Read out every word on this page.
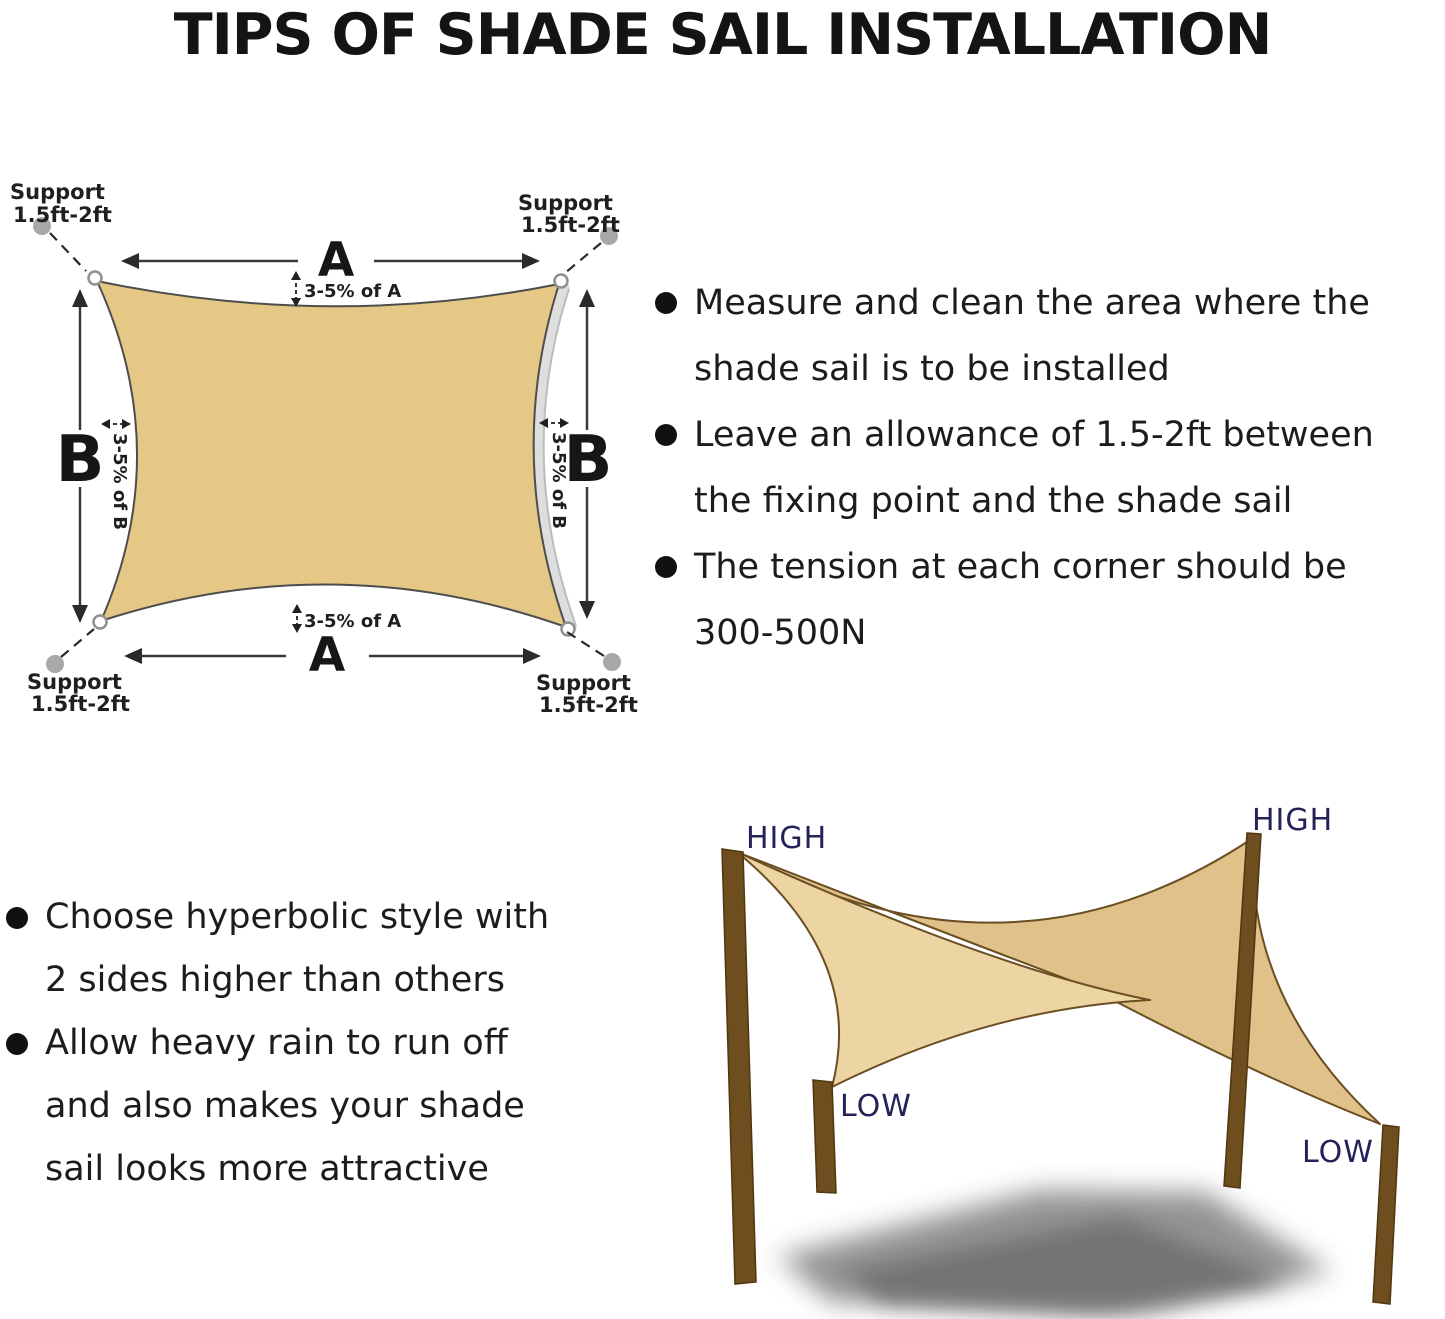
TIPS OF SHADE SAIL INSTALLATION
Support
1.5ft-2ft	Support
1.5ft-2ft
Support
1.5ft-2ft
Support
1.5ft-2ft
A
A
B	B
3-5% of A
3-5% of A
3-5% of B	3-5% of B
Measure and clean the area where the
shade sail is to be installed
Leave an allowance of 1.5-2ft between
the fixing point and the shade sail
The tension at each corner should be
300-500N
Choose hyperbolic style with
2 sides higher than others
Allow heavy rain to run off
and also makes your shade
sail looks more attractive
HIGH
HIGH
LOW
LOW
